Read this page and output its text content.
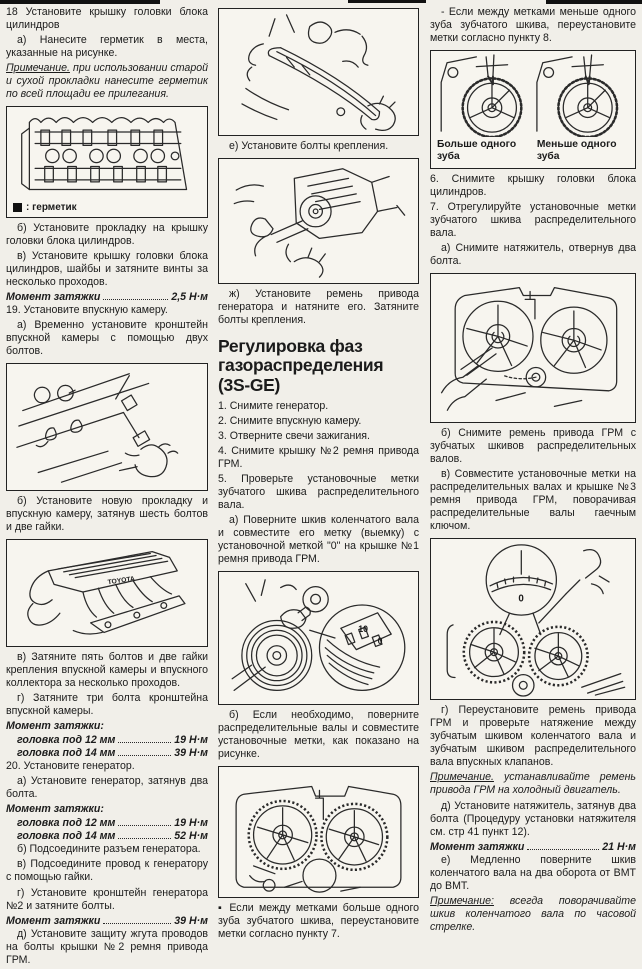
18 Установите крышку головки блока цилиндров

а) Нанесите герметик в места, указанные на рисунке.

Примечание. при использовании старой и сухой прокладки нанесите герметик по всей площади ее прилегания.

: герметик

б) Установите прокладку на крышку головки блока цилиндров.

в) Установите крышку головки блока цилиндров, шайбы и затяните винты за несколько проходов.

Момент затяжки	2,5 Н·м

19. Установите впускную камеру.

а) Временно установите кронштейн впускной камеры с помощью двух болтов.

б) Установите новую прокладку и впускную камеру, затянув шесть болтов и две гайки.

TOYOTA

в) Затяните пять болтов и две гайки крепления впускной камеры и впускного коллектора за несколько проходов.

г) Затяните три болта кронштейна впускной камеры.

Момент затяжки:

головка под 12 мм	19 Н·м
головка под 14 мм	39 Н·м

20. Установите генератор.

а) Установите генератор, затянув два болта.

Момент затяжки:

головка под 12 мм	19 Н·м
головка под 14 мм	52 Н·м

б) Подсоедините разъем генератора.

в) Подсоедините провод к генератору с помощью гайки.

г) Установите кронштейн генератора №2 и затяните болты.

Момент затяжки	39 Н·м

д) Установите защиту жгута проводов на болты крышки №2 ремня привода ГРМ.

е) Установите болты крепления.

ж) Установите ремень привода генератора и натяните его. Затяните болты крепления.

Регулировка фаз
газораспределения
(3S-GE)

1. Снимите генератор.

2. Снимите впускную камеру.

3. Отверните свечи зажигания.

4. Снимите крышку №2 ремня привода ГРМ.

5. Проверьте установочные метки зубчатого шкива распределительного вала.

а) Поверните шкив коленчатого вала и совместите его метку (выемку) с установочной меткой "0" на крышке №1 ремня привода ГРМ.

10
0

б) Если необходимо, поверните распределительные валы и совместите установочные метки, как показано на рисунке.

▪ Если между метками больше одного зуба зубчатого шкива, переустановите метки согласно пункту 7.

- Если между метками меньше одного зуба зубчатого шкива, переустановите метки согласно пункту 8.

Больше одного зуба
Меньше одного зуба

6. Снимите крышку головки блока цилиндров.

7. Отрегулируйте установочные метки зубчатого шкива распределительного вала.

а) Снимите натяжитель, отвернув два болта.

б) Снимите ремень привода ГРМ с зубчатых шкивов распределительных валов.

в) Совместите установочные метки на распределительных валах и крышке №3 ремня привода ГРМ, поворачивая распределительные валы гаечным ключом.

0

г) Переустановите ремень привода ГРМ и проверьте натяжение между зубчатым шкивом коленчатого вала и зубчатым шкивом распределительного вала впускных клапанов.

Примечание. устанавливайте ремень привода ГРМ на холодный двигатель.

д) Установите натяжитель, затянув два болта (Процедуру установки натяжителя см. стр 41 пункт 12).

Момент затяжки	21 Н·м

е) Медленно поверните шкив коленчатого вала на два оборота от ВМТ до ВМТ.

Примечание: всегда поворачивайте шкив коленчатого вала по часовой стрелке.
